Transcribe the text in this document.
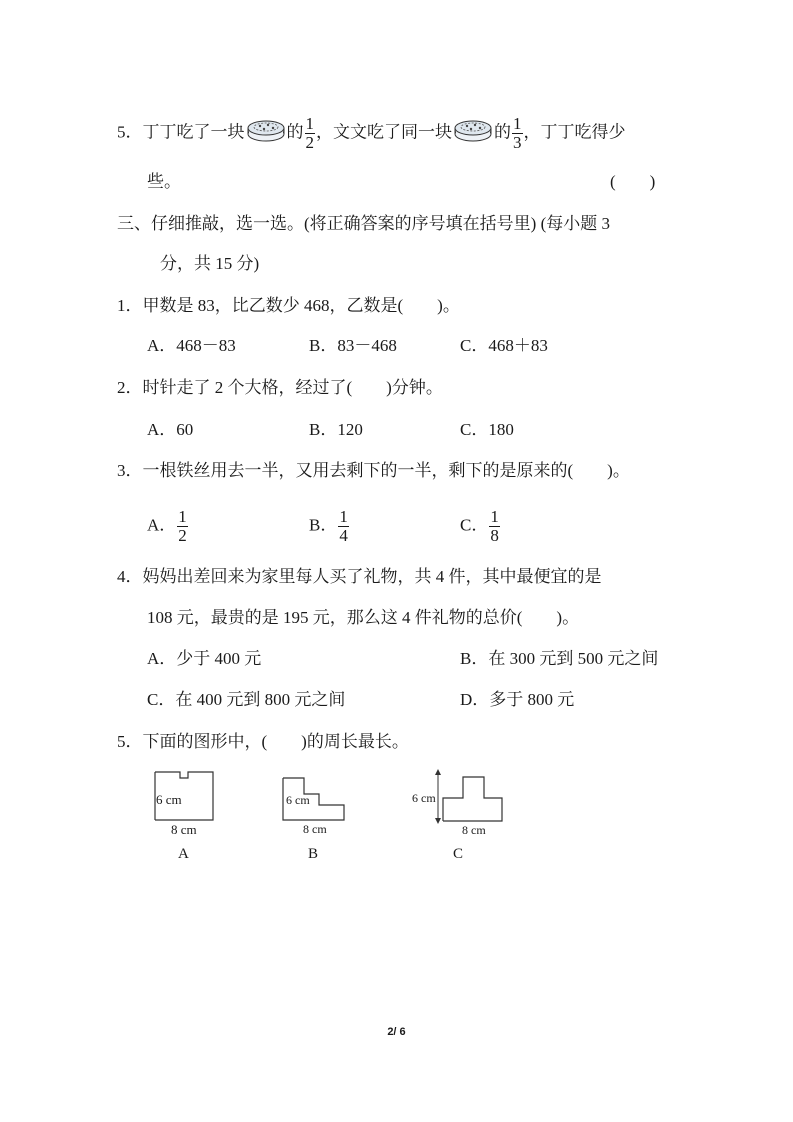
5．丁丁吃了一块 的 $\frac{1}{2}$ ，文文吃了同一块 的 $\frac{1}{3}$ ，丁丁吃得少
些。	(　　)
三、仔细推敲，选一选。(将正确答案的序号填在括号里) (每小题 3
分，共 15 分)
1．甲数是 83，比乙数少 468，乙数是(　　)。
A．468－83	B．83－468	C．468＋83
2．时针走了 2 个大格，经过了(　　)分钟。
A．60	B．120	C．180
3．一根铁丝用去一半，又用去剩下的一半，剩下的是原来的(　　)。
A． $\frac{1}{2}$	B． $\frac{1}{4}$	C． $\frac{1}{8}$
4．妈妈出差回来为家里每人买了礼物，共 4 件，其中最便宜的是
108 元，最贵的是 195 元，那么这 4 件礼物的总价(　　)。
A．少于 400 元	B．在 300 元到 500 元之间
C．在 400 元到 800 元之间	D．多于 800 元
5．下面的图形中，(　　)的周长最长。
6 cm
8 cm
A
6 cm
8 cm
B
6 cm
8 cm
C
2/ 6
